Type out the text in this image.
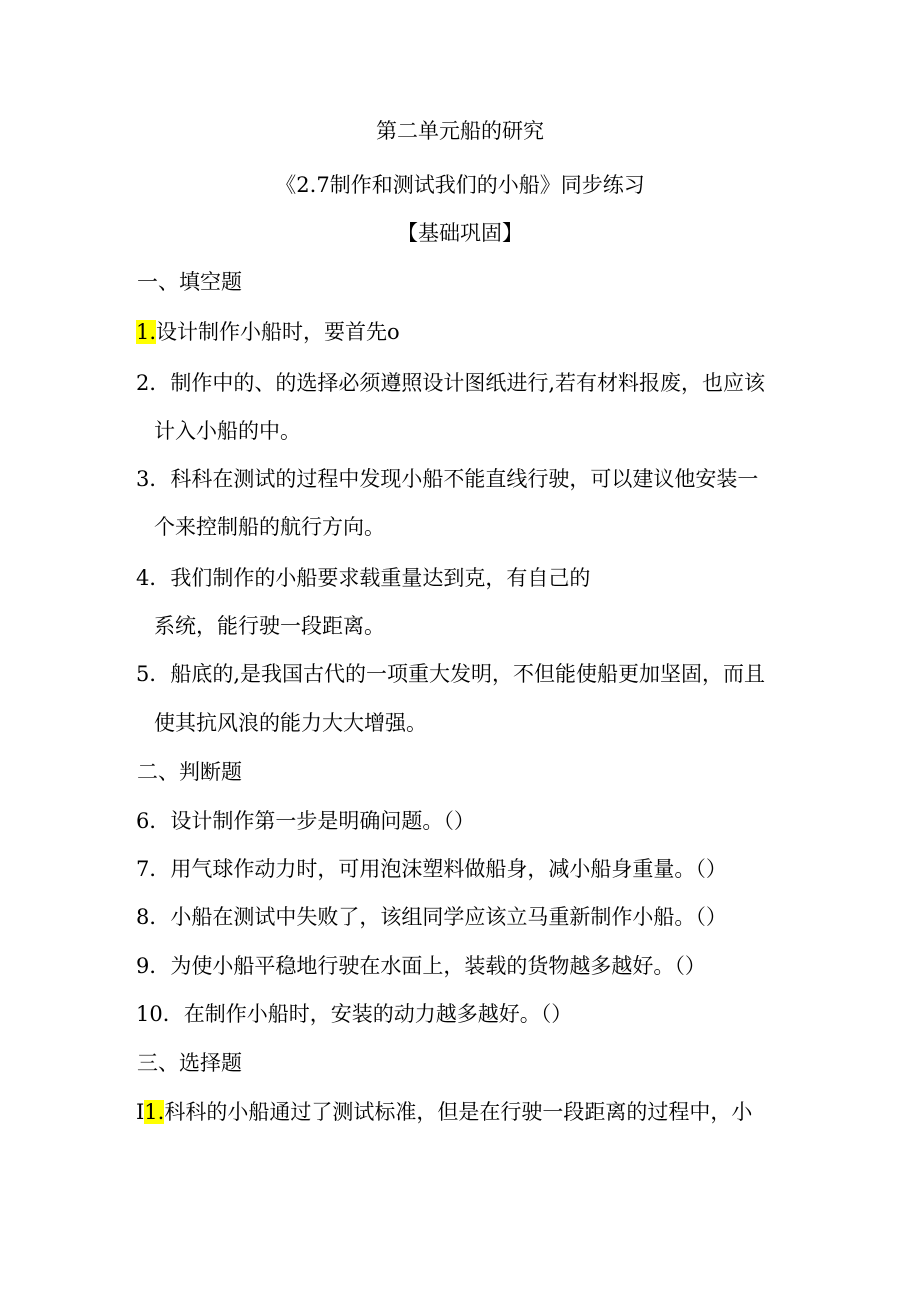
第二单元船的研究
《2.7制作和测试我们的小船》同步练习
【基础巩固】
一、填空题
1.设计制作小船时，要首先o
2．制作中的、的选择必须遵照设计图纸进行,若有材料报废，也应该
计入小船的中。
3．科科在测试的过程中发现小船不能直线行驶，可以建议他安装一
个来控制船的航行方向。
4．我们制作的小船要求载重量达到克，有自己的
系统，能行驶一段距离。
5．船底的,是我国古代的一项重大发明，不但能使船更加坚固，而且
使其抗风浪的能力大大增强。
二、判断题
6．设计制作第一步是明确问题。（）
7．用气球作动力时，可用泡沫塑料做船身，减小船身重量。（）
8．小船在测试中失败了，该组同学应该立马重新制作小船。（）
9．为使小船平稳地行驶在水面上，装载的货物越多越好。（）
10．在制作小船时，安装的动力越多越好。（）
三、选择题
I1.科科的小船通过了测试标准，但是在行驶一段距离的过程中，小
